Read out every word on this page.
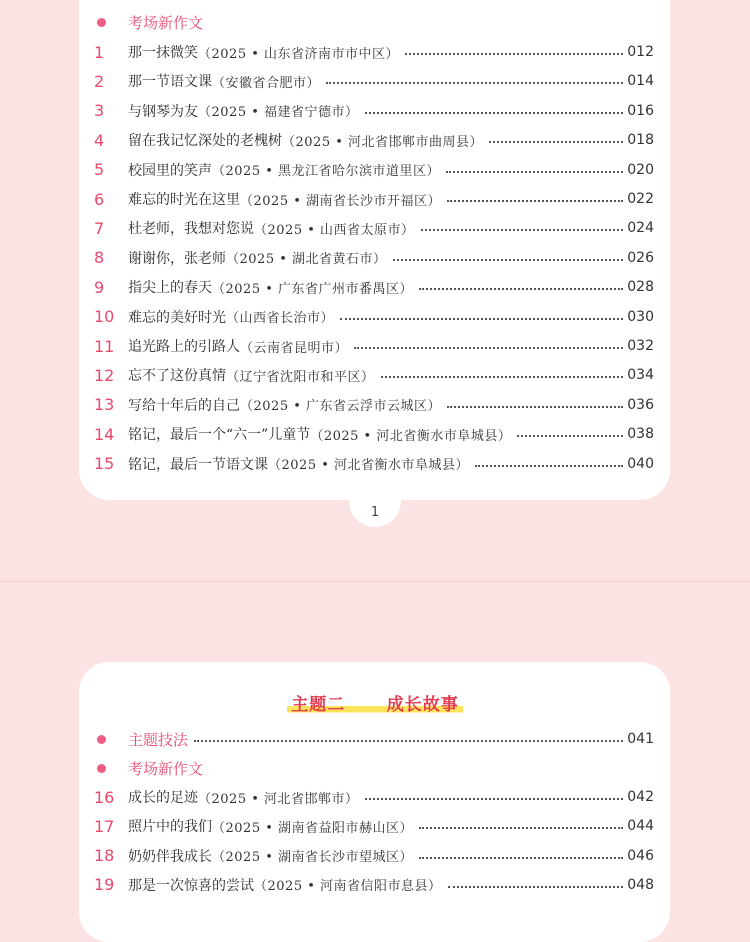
1
主题二 成长故事
考场新作文
1	那一抹微笑 （2025 • 山东省济南市市中区）	012
2	那一节语文课 （安徽省合肥市）	014
3	与钢琴为友 （2025 • 福建省宁德市）	016
4	留在我记忆深处的老槐树 （2025 • 河北省邯郸市曲周县）	018
5	校园里的笑声 （2025 • 黑龙江省哈尔滨市道里区）	020
6	难忘的时光在这里 （2025 • 湖南省长沙市开福区）	022
7	杜老师，我想对您说 （2025 • 山西省太原市）	024
8	谢谢你，张老师 （2025 • 湖北省黄石市）	026
9	指尖上的春天 （2025 • 广东省广州市番禺区）	028
10 难忘的美好时光 （山西省长治市）	030
11 追光路上的引路人 （云南省昆明市）	032
12 忘不了这份真情 （辽宁省沈阳市和平区）	034
13 写给十年后的自己 （2025 • 广东省云浮市云城区）	036
14 铭记，最后一个“六一”儿童节 （2025 • 河北省衡水市阜城县）	038
15 铭记，最后一节语文课 （2025 • 河北省衡水市阜城县）	040
主题技法	041
考场新作文
16 成长的足迹 （2025 • 河北省邯郸市）	042
17 照片中的我们 （2025 • 湖南省益阳市赫山区）	044
18 奶奶伴我成长 （2025 • 湖南省长沙市望城区）	046
19 那是一次惊喜的尝试 （2025 • 河南省信阳市息县）	048
